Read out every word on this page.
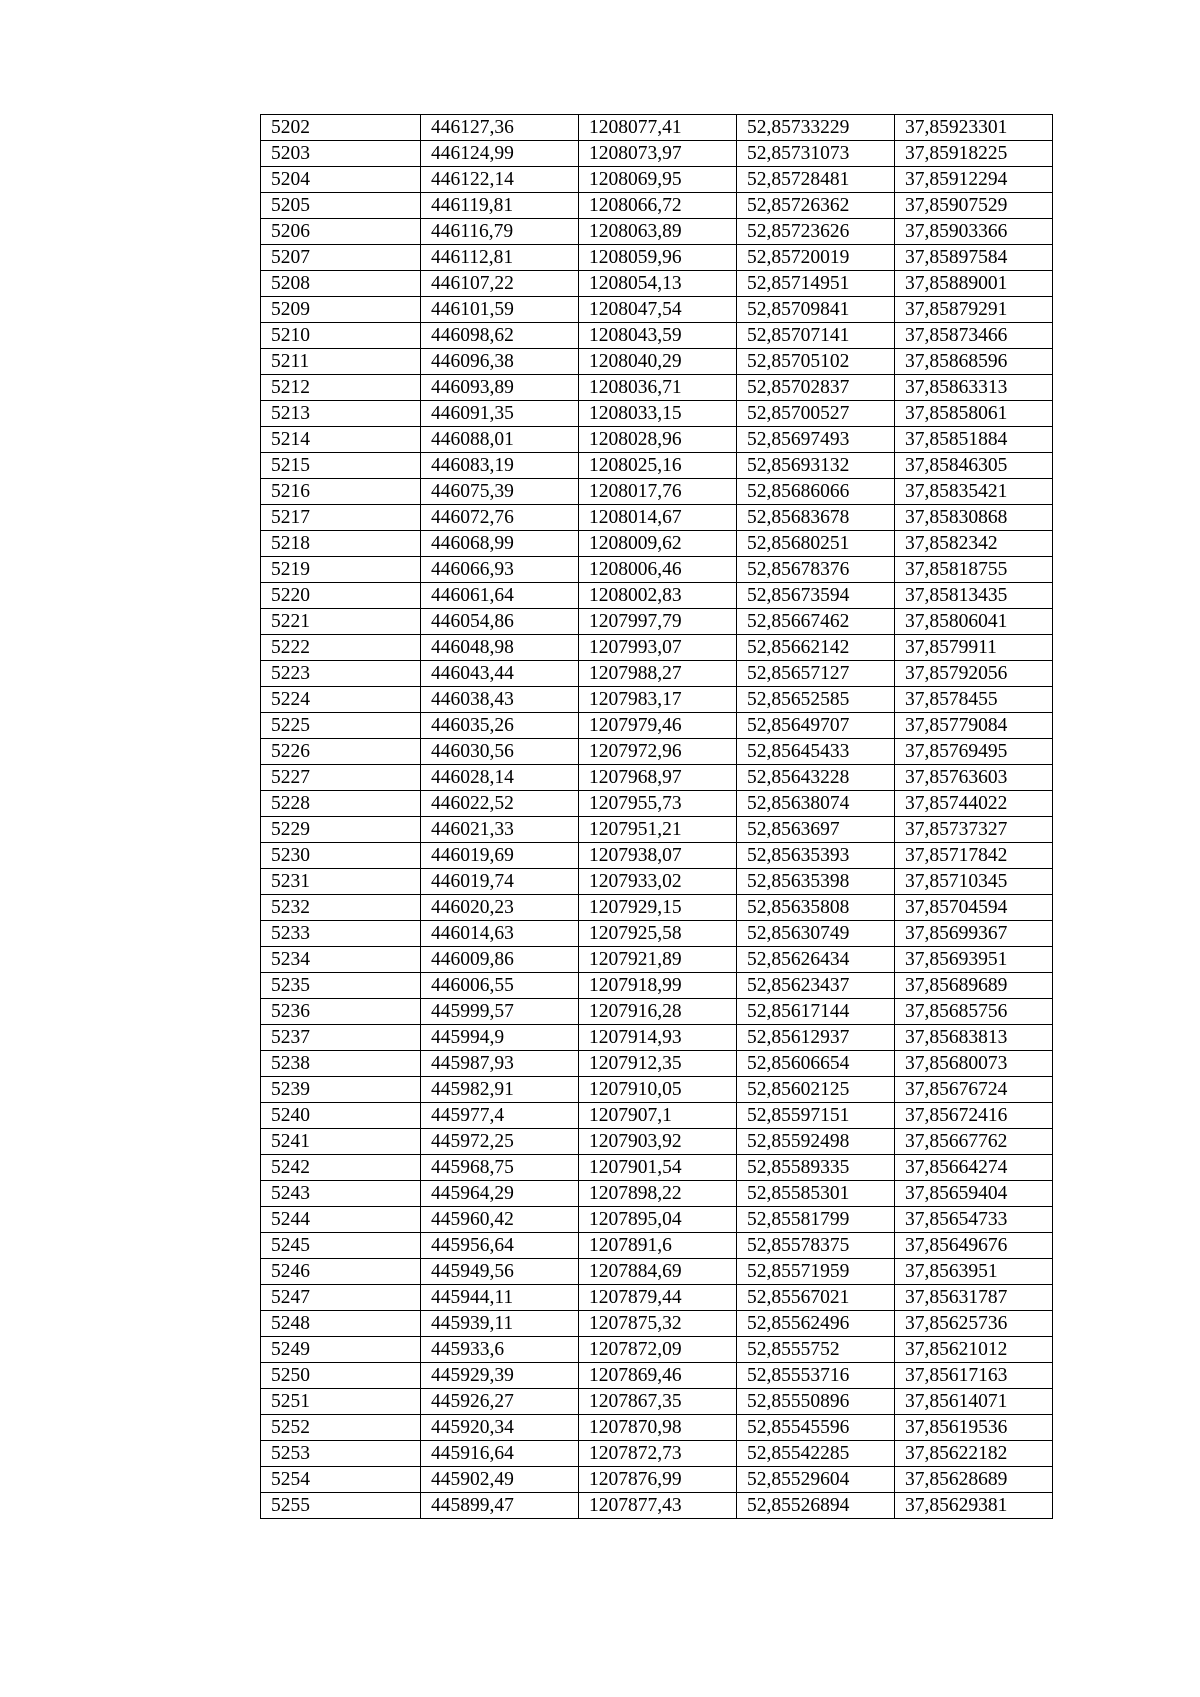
5202	446127,36	1208077,41	52,85733229	37,85923301
5203	446124,99	1208073,97	52,85731073	37,85918225
5204	446122,14	1208069,95	52,85728481	37,85912294
5205	446119,81	1208066,72	52,85726362	37,85907529
5206	446116,79	1208063,89	52,85723626	37,85903366
5207	446112,81	1208059,96	52,85720019	37,85897584
5208	446107,22	1208054,13	52,85714951	37,85889001
5209	446101,59	1208047,54	52,85709841	37,85879291
5210	446098,62	1208043,59	52,85707141	37,85873466
5211	446096,38	1208040,29	52,85705102	37,85868596
5212	446093,89	1208036,71	52,85702837	37,85863313
5213	446091,35	1208033,15	52,85700527	37,85858061
5214	446088,01	1208028,96	52,85697493	37,85851884
5215	446083,19	1208025,16	52,85693132	37,85846305
5216	446075,39	1208017,76	52,85686066	37,85835421
5217	446072,76	1208014,67	52,85683678	37,85830868
5218	446068,99	1208009,62	52,85680251	37,8582342
5219	446066,93	1208006,46	52,85678376	37,85818755
5220	446061,64	1208002,83	52,85673594	37,85813435
5221	446054,86	1207997,79	52,85667462	37,85806041
5222	446048,98	1207993,07	52,85662142	37,8579911
5223	446043,44	1207988,27	52,85657127	37,85792056
5224	446038,43	1207983,17	52,85652585	37,8578455
5225	446035,26	1207979,46	52,85649707	37,85779084
5226	446030,56	1207972,96	52,85645433	37,85769495
5227	446028,14	1207968,97	52,85643228	37,85763603
5228	446022,52	1207955,73	52,85638074	37,85744022
5229	446021,33	1207951,21	52,8563697	37,85737327
5230	446019,69	1207938,07	52,85635393	37,85717842
5231	446019,74	1207933,02	52,85635398	37,85710345
5232	446020,23	1207929,15	52,85635808	37,85704594
5233	446014,63	1207925,58	52,85630749	37,85699367
5234	446009,86	1207921,89	52,85626434	37,85693951
5235	446006,55	1207918,99	52,85623437	37,85689689
5236	445999,57	1207916,28	52,85617144	37,85685756
5237	445994,9	1207914,93	52,85612937	37,85683813
5238	445987,93	1207912,35	52,85606654	37,85680073
5239	445982,91	1207910,05	52,85602125	37,85676724
5240	445977,4	1207907,1	52,85597151	37,85672416
5241	445972,25	1207903,92	52,85592498	37,85667762
5242	445968,75	1207901,54	52,85589335	37,85664274
5243	445964,29	1207898,22	52,85585301	37,85659404
5244	445960,42	1207895,04	52,85581799	37,85654733
5245	445956,64	1207891,6	52,85578375	37,85649676
5246	445949,56	1207884,69	52,85571959	37,8563951
5247	445944,11	1207879,44	52,85567021	37,85631787
5248	445939,11	1207875,32	52,85562496	37,85625736
5249	445933,6	1207872,09	52,8555752	37,85621012
5250	445929,39	1207869,46	52,85553716	37,85617163
5251	445926,27	1207867,35	52,85550896	37,85614071
5252	445920,34	1207870,98	52,85545596	37,85619536
5253	445916,64	1207872,73	52,85542285	37,85622182
5254	445902,49	1207876,99	52,85529604	37,85628689
5255	445899,47	1207877,43	52,85526894	37,85629381
